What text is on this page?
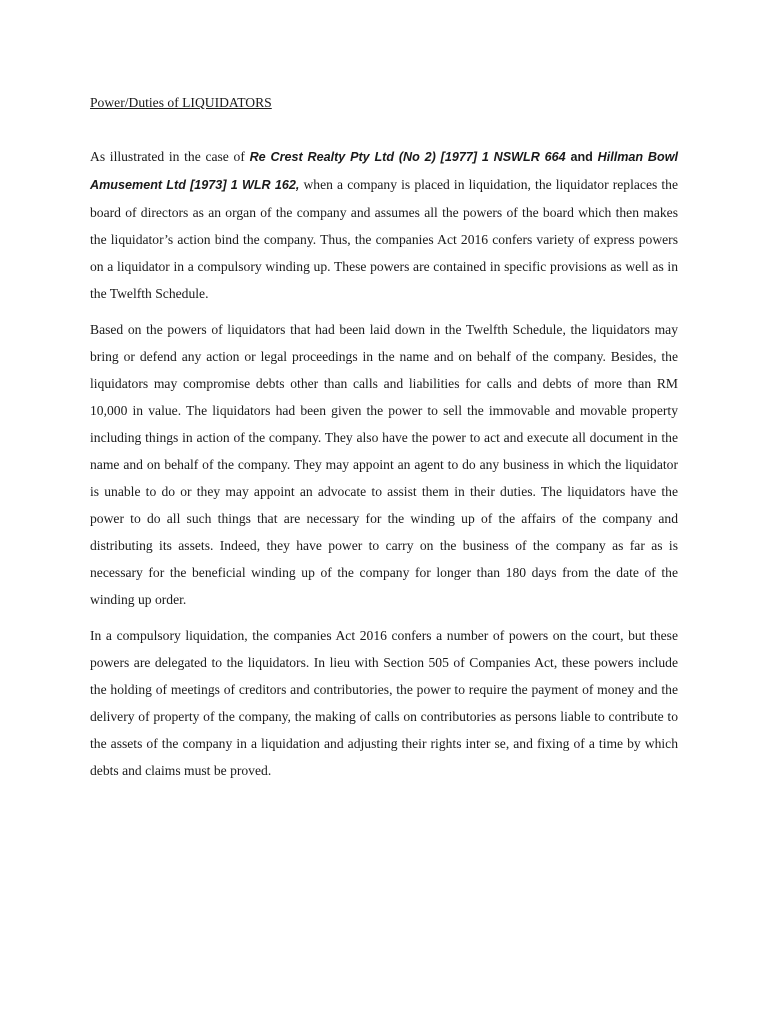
Power/Duties of LIQUIDATORS

As illustrated in the case of Re Crest Realty Pty Ltd (No 2) [1977] 1 NSWLR 664 and Hillman Bowl Amusement Ltd [1973] 1 WLR 162, when a company is placed in liquidation, the liquidator replaces the board of directors as an organ of the company and assumes all the powers of the board which then makes the liquidator’s action bind the company. Thus, the companies Act 2016 confers variety of express powers on a liquidator in a compulsory winding up. These powers are contained in specific provisions as well as in the Twelfth Schedule.

Based on the powers of liquidators that had been laid down in the Twelfth Schedule, the liquidators may bring or defend any action or legal proceedings in the name and on behalf of the company. Besides, the liquidators may compromise debts other than calls and liabilities for calls and debts of more than RM 10,000 in value. The liquidators had been given the power to sell the immovable and movable property including things in action of the company. They also have the power to act and execute all document in the name and on behalf of the company. They may appoint an agent to do any business in which the liquidator is unable to do or they may appoint an advocate to assist them in their duties. The liquidators have the power to do all such things that are necessary for the winding up of the affairs of the company and distributing its assets. Indeed, they have power to carry on the business of the company as far as is necessary for the beneficial winding up of the company for longer than 180 days from the date of the winding up order.

In a compulsory liquidation, the companies Act 2016 confers a number of powers on the court, but these powers are delegated to the liquidators. In lieu with Section 505 of Companies Act, these powers include the holding of meetings of creditors and contributories, the power to require the payment of money and the delivery of property of the company, the making of calls on contributories as persons liable to contribute to the assets of the company in a liquidation and adjusting their rights inter se, and fixing of a time by which debts and claims must be proved.
